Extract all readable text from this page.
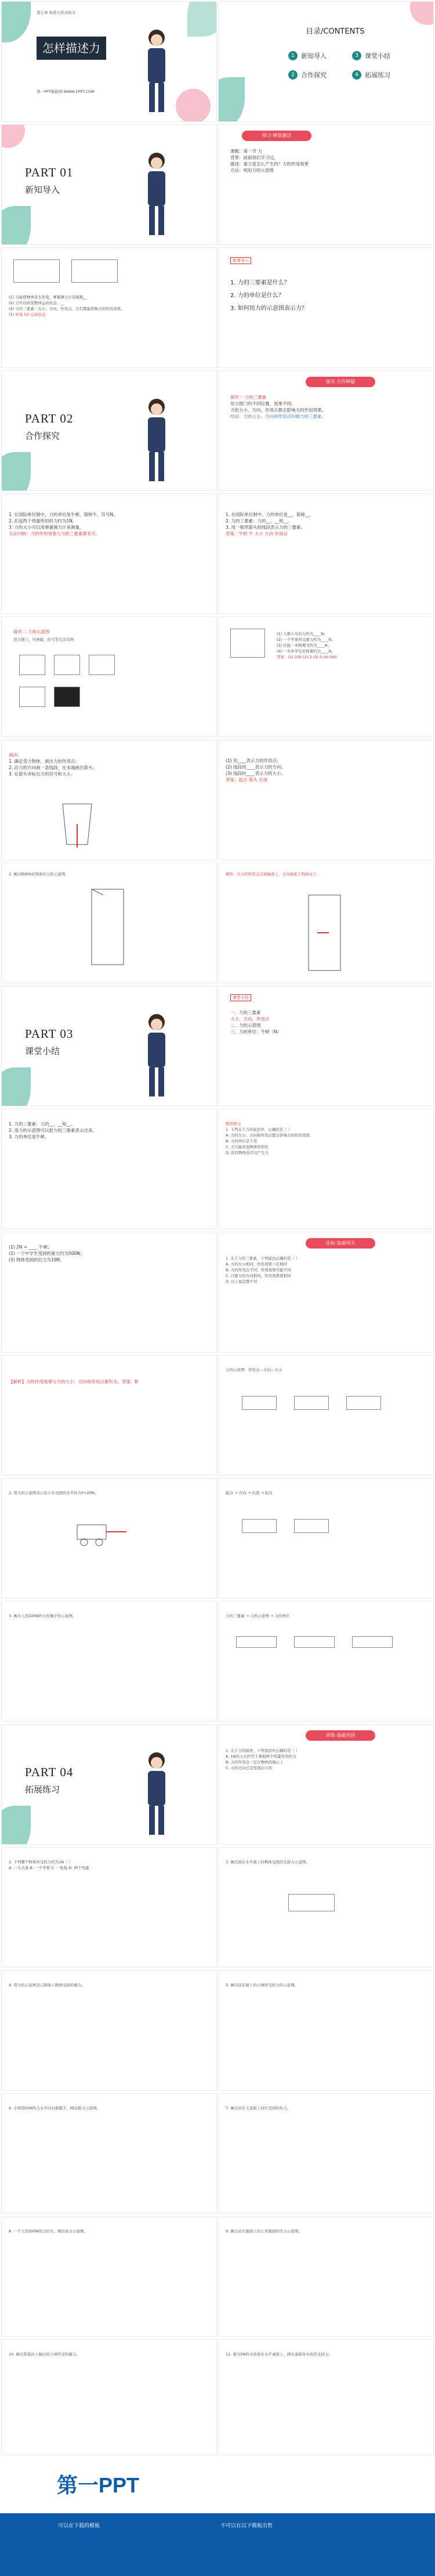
第七章 构造与作表的文
怎样描述力
第一PPT模板网-WWW.1PPT.COM
目录/CONTENTS
1	新知导入	3	课堂小结
2	合作探究	4	拓展练习
PART 01
新知导入
预习·情景激活
课题：第一节 力
背景：前面我们学习过，
描述：重力是怎么产生的？力的作用效果
方法：利用力的示意图
(1) 力能使物体发生形变，弹簧测力计是根据__
(2) 力可以改变物体运动状态，__
(3) 力的三要素：大小、方向、作用点，它们都能影响力的作用效果。
(1) 形变 (2) 运动状态
新课导入
1. 力的三要素是什么？
2. 力的单位是什么？
3. 如何用力的示意图表示力？
PART 02
合作探究
探究·合作释疑
探究一 力的三要素
用力推门的不同位置，效果不同；
力的大小、方向、作用点都会影响力的作用效果。
结论：力的大小、方向和作用点叫做力的三要素。
1. 在国际单位制中，力的单位是牛顿，简称牛，符号N。
2. 托起两个鸡蛋所用的力约为1N。
3. 力的大小可以用弹簧测力计来测量。
方法归纳：力的作用效果与力的三要素都有关。
1. 在国际单位制中，力的单位是__，简称__，
2. 力的三要素：力的__、__和__。
3. 用一根带箭头的线段表示力的三要素。
答案：牛顿 牛 大小 方向 作用点
探究二 力的示意图
用力推门、压弹簧、拉弓等生活实例
(1) 人推小车的力约为____N；
(2) 一个苹果所受重力约为____N；
(3) 托起一本物理书约为____N；
(4) 一名中学生的体重约为____N。
答案：(1) 100 (2) 2 (3) 3 (4) 500
画法：
1. 确定受力物体，画出力的作用点；
2. 沿力的方向画一条线段，在末端画出箭头；
3. 在箭头旁标出力的符号和大小。
(1) 用____表示力的作用点；
(2) 线段的____表示力的方向；
(3) 线段的____表示力的大小。
答案：起点 箭头 长度
2. 画出物体A对斜面压力的示意图。	解析：压力的作用点在接触面上，方向垂直于斜面向下。
PART 03
课堂小结
课堂小结
一、力的三要素
大小、方向、作用点
二、力的示意图
三、力的单位：牛顿（N）
1. 力的三要素：力的__、__和__。
2. 用力的示意图可以把力的三要素表示出来。
3. 力的单位是牛顿。
随堂练习
1. 下列关于力的说法中，正确的是（ ）
A. 力的大小、方向和作用点都会影响力的作用效果
B. 力的单位是千克
C. 力只能改变物体的形状
D. 没有物体也可以产生力
(1) 2N = ____ 牛顿；
(2) 一个中学生受到的重力约为500N；
(3) 物体受到的拉力为10N。
达标·基础闯关
1. 关于力的三要素，下列说法正确的是（ ）
A. 力的大小相同，作用效果一定相同
B. 力的作用点不同，作用效果可能不同
C. 只要力的方向相同，作用效果就相同
D. 以上说法都不对
【解析】力的作用效果与力的大小、方向和作用点都有关。答案：B
力的示意图：作用点—方向—大小
2. 用力的示意图表示出小车受到的水平拉力F=20N。	起点 → 方向 → 长度 → 标注
3. 画出人用100N的力拉绳子的示意图。	力的三要素 → 力的示意图 → 力的单位
PART 04
拓展练习
训练·基础巩固
1. 关于力的描述，下列说法中正确的是（ ）
A. 1N的力大约等于拿起两个鸡蛋所用的力
B. 力的作用点一定在物体的重心上
C. 力的方向总是竖直向下的
2. 下列哪个物体所受的力约为1N（ ）
A. 一头大象 B. 一个苹果 C. 一张纸 D. 两个鸡蛋
3. 画出放在水平面上的物体受到的支持力示意图。
4. 用力的示意图表示斜面上物体受到的重力。	5. 画出挂在墙上的小球所受拉力的示意图。
6. 小明用50N的力水平向右推箱子，画出推力示意图。	7. 画出吊在天花板上的灯受到的拉力。
8. 一个人用200N的力拉车，画出该力示意图。	9. 画出站在地面上的人对地面的压力示意图。
10. 画出竖直向上抛出的小球所受的重力。	11. 重为5N的木块放在水平桌面上，画出桌面对木块的支持力。
第一PPT
可以在下载的模板	不可以在以下模板出售
